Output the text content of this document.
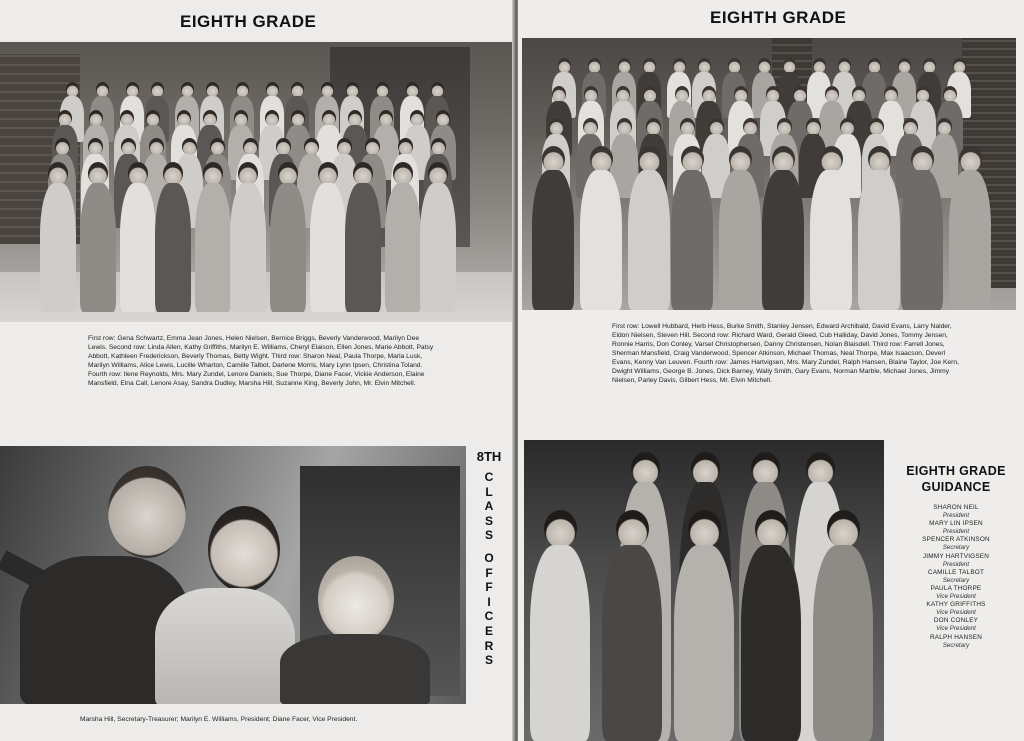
EIGHTH GRADE
First row: Gena Schwartz, Emma Jean Jones, Helen Nielsen, Bernice Briggs, Beverly Vanderwood, Marilyn Dee Lewis. Second row: Linda Allen, Kathy Griffiths, Marilyn E. Williams, Cheryl Elaison, Ellen Jones, Marie Abbott, Patsy Abbott, Kathleen Frederickson, Beverly Thomas, Betty Wight. Third row: Sharon Neal, Paula Thorpe, Marla Lusk, Marilyn Williams, Alice Lewis, Lucille Wharton, Camille Talbot, Darlene Morris, Mary Lynn Ipsen, Christina Toland. Fourth row: Ilene Reynolds, Mrs. Mary Zundel, Lenore Daniels, Sue Thorpe, Diane Facer, Vickie Anderson, Elaine Mansfield, Elna Call, Lenore Asay, Sandra Dudley, Marsha Hill, Suzanne King, Beverly John, Mr. Elvin Mitchell.
8TH
C
L
A
S
S
O
F
F
I
C
E
R
S
Marsha Hill, Secretary-Treasurer; Marilyn E. Williams, President; Diane Facer, Vice President.
EIGHTH GRADE
First row: Lowell Hubbard, Herb Hess, Burke Smith, Stanley Jensen, Edward Archibald, David Evans, Larry Nalder, Eldon Nielsen, Steven Hill. Second row: Richard Ward, Gerald Gleed, Cub Halliday, David Jones, Tommy Jensen, Ronnie Harris, Don Conley, Varsel Christophersen, Danny Christensen, Nolan Blaisdell. Third row: Farrell Jones, Sherman Mansfield, Craig Vanderwood, Spencer Atkinson, Michael Thomas, Neal Thorpe, Max Isaacson, Deverl Evans, Kenny Van Leuven. Fourth row: James Hartvigsen, Mrs. Mary Zundel, Ralph Hansen, Blaine Taylor, Joe Kern, Dwight Williams, George B. Jones, Dick Barney, Wally Smith, Gary Evans, Norman Marble, Michael Jones, Jimmy Nielsen, Parley Davis, Gilbert Hess, Mr. Elvin Mitchell.
EIGHTH GRADE
GUIDANCE
SHARON NEIL
President
MARY LIN IPSEN
President
SPENCER ATKINSON
Secretary
JIMMY HARTVIGSEN
President
CAMILLE TALBOT
Secretary
PAULA THORPE
Vice President
KATHY GRIFFITHS
Vice President
DON CONLEY
Vice President
RALPH HANSEN
Secretary
